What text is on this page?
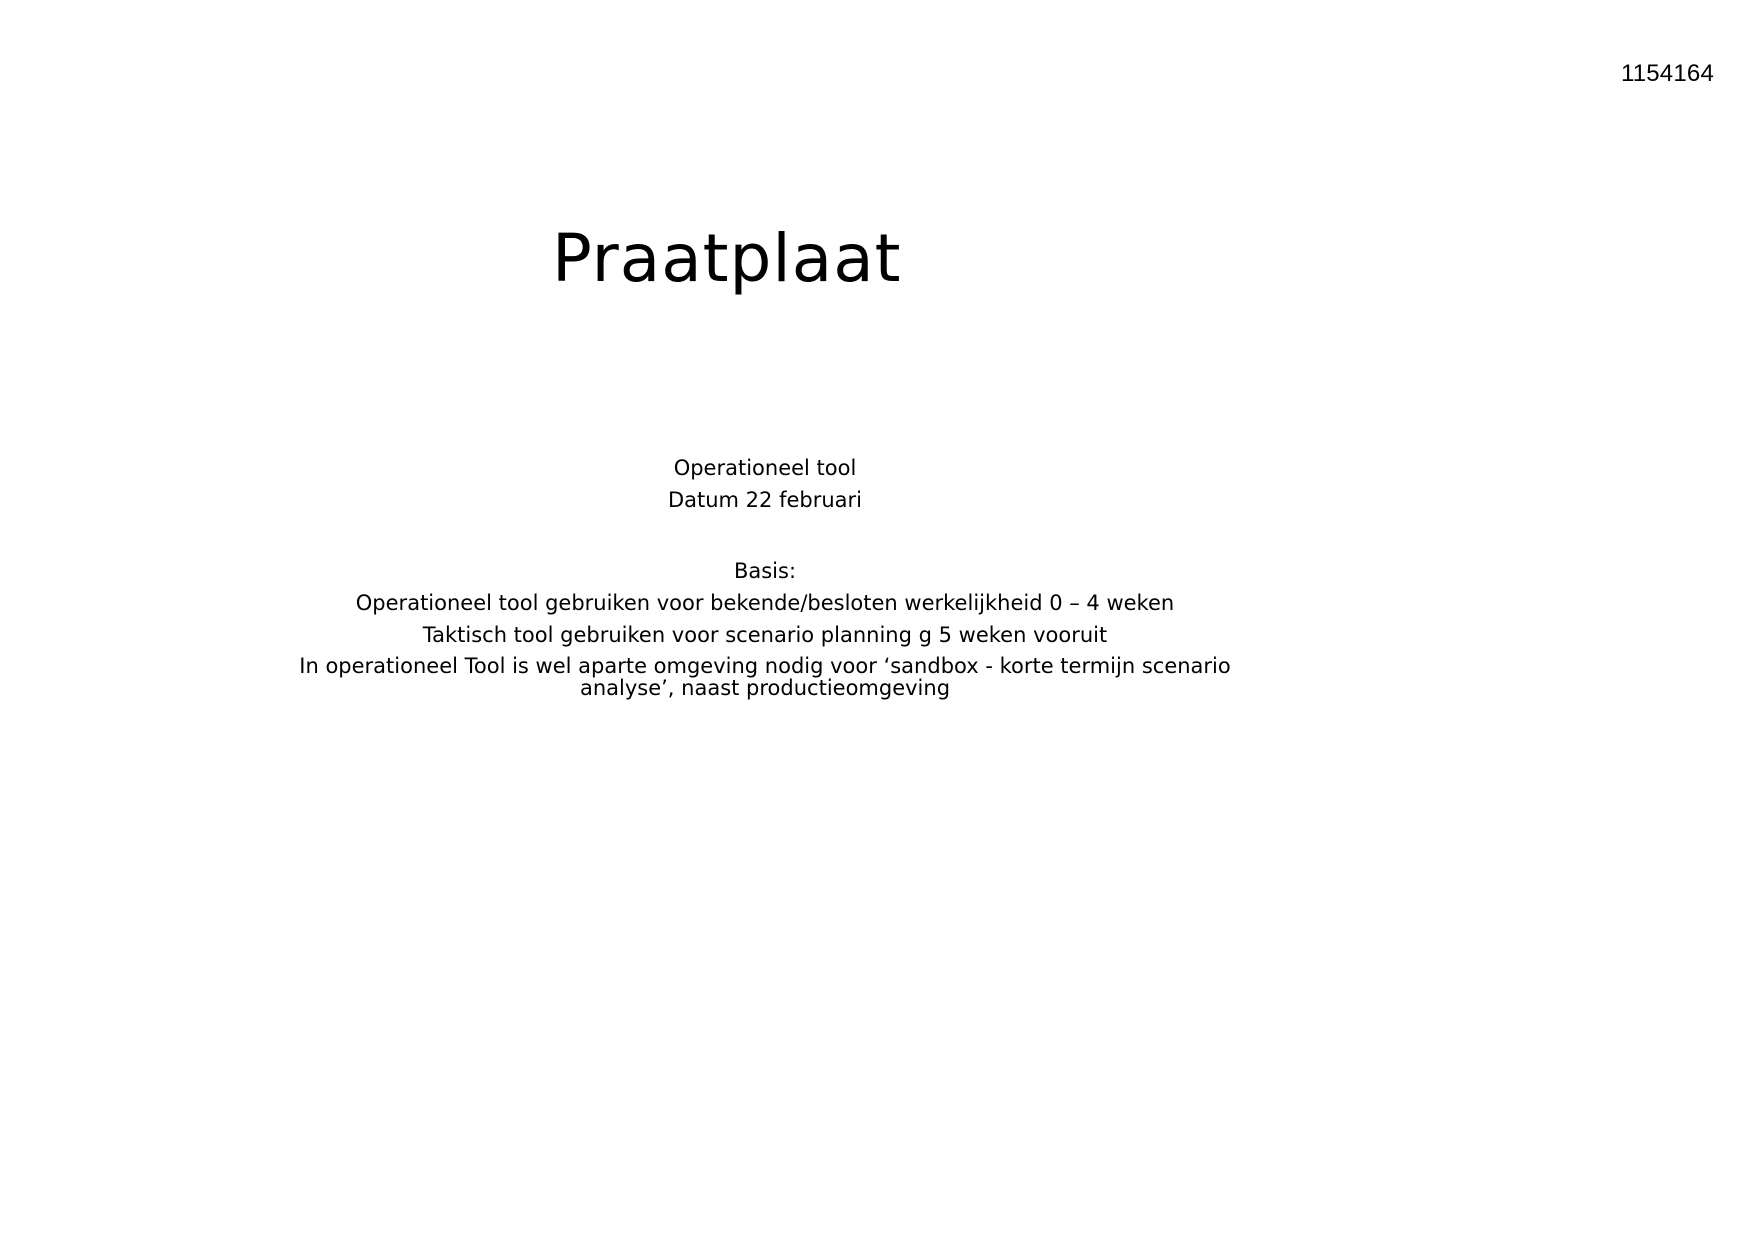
1154164
Praatplaat
Operationeel tool
Datum 22 februari
Basis:
Operationeel tool gebruiken voor bekende/besloten werkelijkheid 0 – 4 weken
Taktisch tool gebruiken voor scenario planning g 5 weken vooruit
In operationeel Tool is wel aparte omgeving nodig voor ‘sandbox - korte termijn scenario analyse’, naast productieomgeving
